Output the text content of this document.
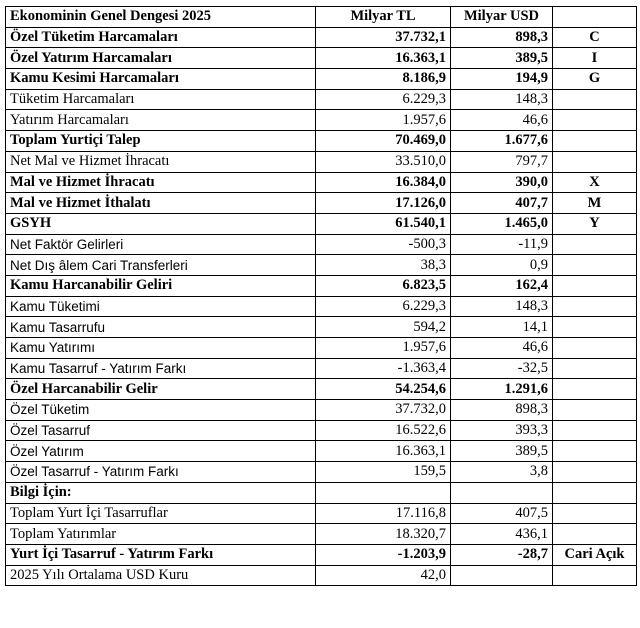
Ekonominin Genel Dengesi 2025	Milyar TL	Milyar USD	
Özel Tüketim Harcamaları	37.732,1	898,3	C
Özel Yatırım Harcamaları	16.363,1	389,5	I
Kamu Kesimi Harcamaları	8.186,9	194,9	G
Tüketim Harcamaları	6.229,3	148,3	
Yatırım Harcamaları	1.957,6	46,6	
Toplam Yurtiçi Talep	70.469,0	1.677,6	
Net Mal ve Hizmet İhracatı	33.510,0	797,7	
Mal ve Hizmet İhracatı	16.384,0	390,0	X
Mal ve Hizmet İthalatı	17.126,0	407,7	M
GSYH	61.540,1	1.465,0	Y
Net Faktör Gelirleri	-500,3	-11,9	
Net Dış âlem Cari Transferleri	38,3	0,9	
Kamu Harcanabilir Geliri	6.823,5	162,4	
Kamu Tüketimi	6.229,3	148,3	
Kamu Tasarrufu	594,2	14,1	
Kamu Yatırımı	1.957,6	46,6	
Kamu Tasarruf - Yatırım Farkı	-1.363,4	-32,5	
Özel Harcanabilir Gelir	54.254,6	1.291,6	
Özel Tüketim	37.732,0	898,3	
Özel Tasarruf	16.522,6	393,3	
Özel Yatırım	16.363,1	389,5	
Özel Tasarruf - Yatırım Farkı	159,5	3,8	
Bilgi İçin:			
Toplam Yurt İçi Tasarruflar	17.116,8	407,5	
Toplam Yatırımlar	18.320,7	436,1	
Yurt İçi Tasarruf - Yatırım Farkı	-1.203,9	-28,7	Cari Açık
2025 Yılı Ortalama USD Kuru	42,0		
